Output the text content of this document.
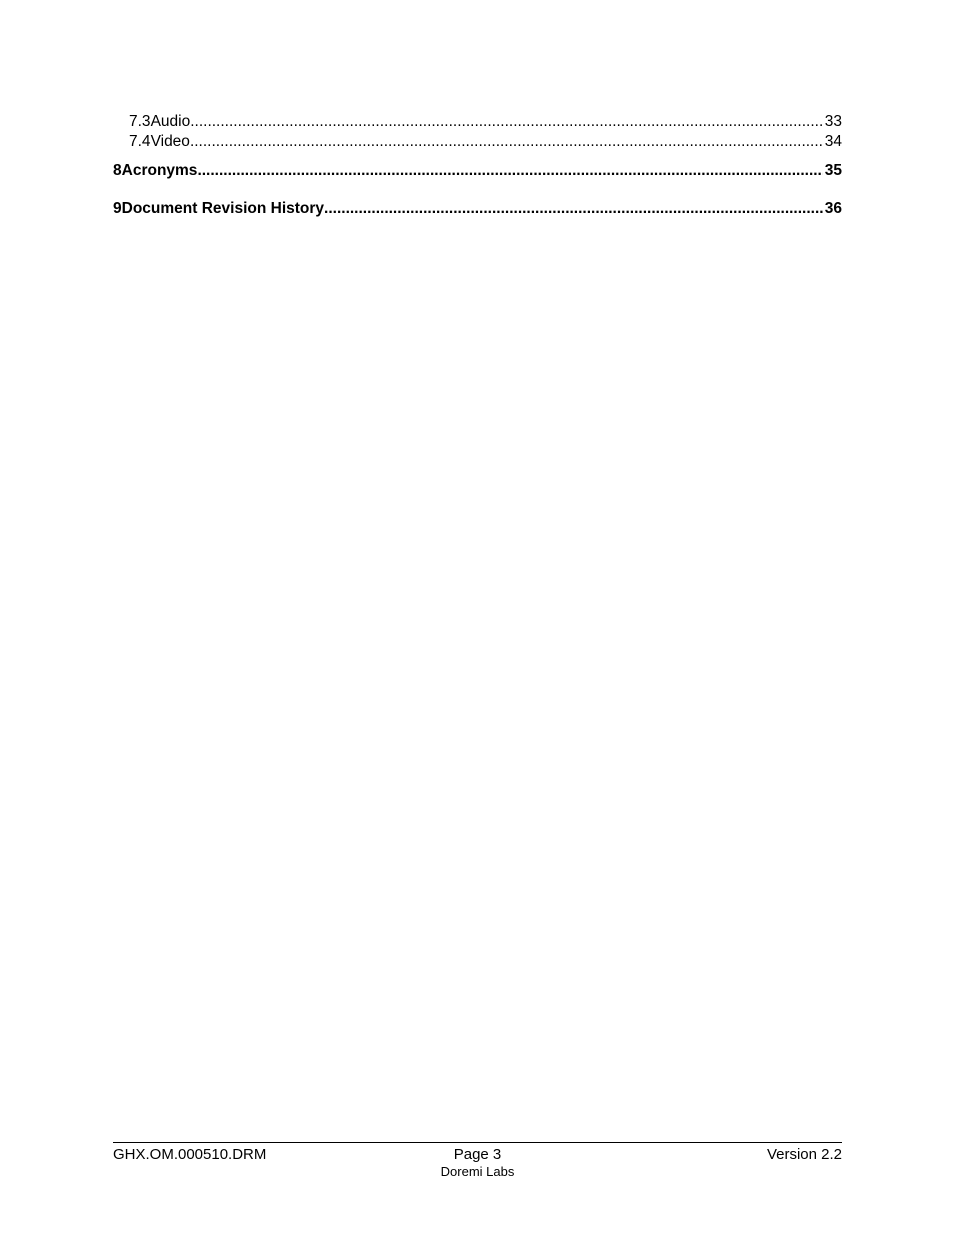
7.3 Audio .....	33
7.4 Video .....	34
8 Acronyms .....	35
9 Document Revision History .....	36
GHX.OM.000510.DRM	Page 3
Doremi Labs
Version 2.2
